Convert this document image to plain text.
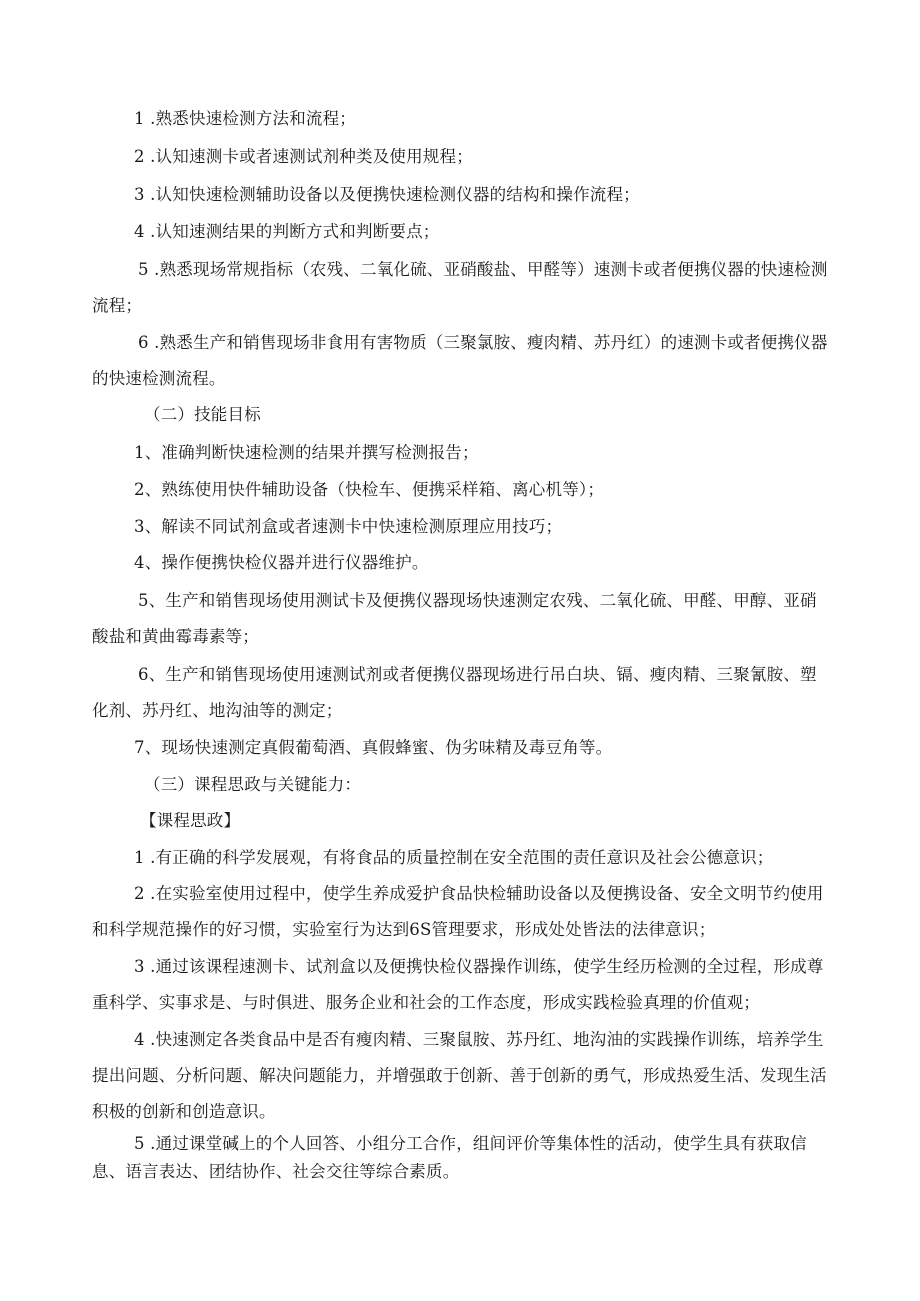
1 .熟悉快速检测方法和流程；

2 .认知速测卡或者速测试剂种类及使用规程；

3 .认知快速检测辅助设备以及便携快速检测仪器的结构和操作流程；

4 .认知速测结果的判断方式和判断要点；

5 .熟悉现场常规指标（农残、二氧化硫、亚硝酸盐、甲醛等）速测卡或者便携仪器的快速检测流程；

6 .熟悉生产和销售现场非食用有害物质（三聚氯胺、瘦肉精、苏丹红）的速测卡或者便携仪器的快速检测流程。

（二）技能目标

1、准确判断快速检测的结果并撰写检测报告；

2、熟练使用快件辅助设备（快检车、便携采样箱、离心机等）；

3、解读不同试剂盒或者速测卡中快速检测原理应用技巧；

4、操作便携快检仪器并进行仪器维护。

5、生产和销售现场使用测试卡及便携仪器现场快速测定农残、二氧化硫、甲醛、甲醇、亚硝酸盐和黄曲霉毒素等；

6、生产和销售现场使用速测试剂或者便携仪器现场进行吊白块、镉、瘦肉精、三聚氰胺、塑化剂、苏丹红、地沟油等的测定；

7、现场快速测定真假葡萄酒、真假蜂蜜、伪劣味精及毒豆角等。

（三）课程思政与关键能力：

【课程思政】

1 .有正确的科学发展观，有将食品的质量控制在安全范围的责任意识及社会公德意识；

2 .在实验室使用过程中，使学生养成爱护食品快检辅助设备以及便携设备、安全文明节约使用和科学规范操作的好习惯，实验室行为达到6S管理要求，形成处处皆法的法律意识；

3 .通过该课程速测卡、试剂盒以及便携快检仪器操作训练，使学生经历检测的全过程，形成尊重科学、实事求是、与时俱进、服务企业和社会的工作态度，形成实践检验真理的价值观；

4 .快速测定各类食品中是否有瘦肉精、三聚鼠胺、苏丹红、地沟油的实践操作训练，培养学生提出问题、分析问题、解决问题能力，并增强敢于创新、善于创新的勇气，形成热爱生活、发现生活积极的创新和创造意识。

5 .通过课堂碱上的个人回答、小组分工合作，组间评价等集体性的活动，使学生具有获取信息、语言表达、团结协作、社会交往等综合素质。
